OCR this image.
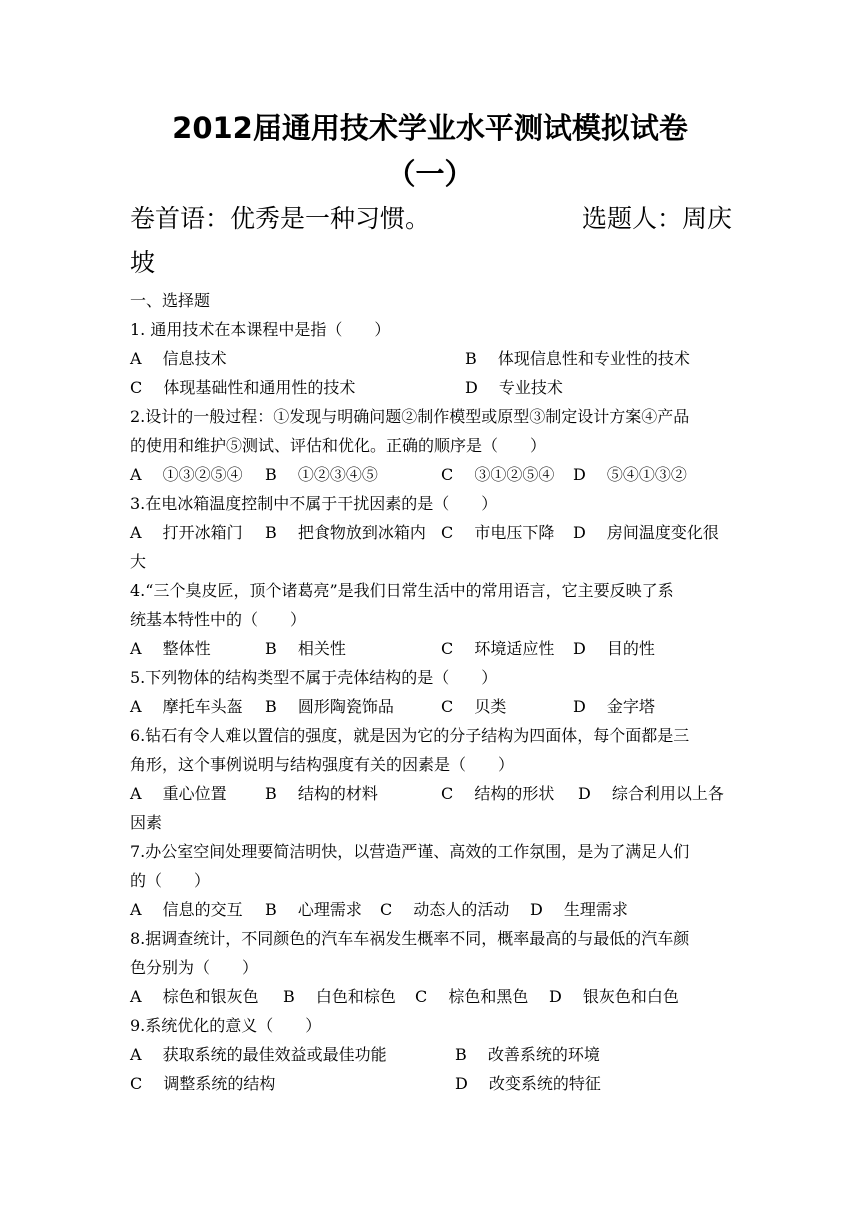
2012届通用技术学业水平测试模拟试卷
（一）
卷首语：优秀是一种习惯。	选题人：周庆
坡
一、选择题
1. 通用技术在本课程中是指（　　）
A　 信息技术	B　 体现信息性和专业性的技术
C　 体现基础性和通用性的技术	D　 专业技术
2.设计的一般过程：①发现与明确问题②制作模型或原型③制定设计方案④产品
的使用和维护⑤测试、评估和优化。正确的顺序是（　　）
A　 ①③②⑤④ B　 ①②③④⑤	C　 ③①②⑤④ D　 ⑤④①③②
3.在电冰箱温度控制中不属于干扰因素的是（　　）
A　 打开冰箱门 B　 把食物放到冰箱内 C　 市电压下降 D　 房间温度变化很
大
4.“三个臭皮匠，顶个诸葛亮”是我们日常生活中的常用语言，它主要反映了系
统基本特性中的（　　）
A　 整体性	B　 相关性	C　 环境适应性 D　 目的性
5.下列物体的结构类型不属于壳体结构的是（　　）
A　 摩托车头盔 B　 圆形陶瓷饰品	C　 贝类	D　 金字塔
6.钻石有令人难以置信的强度，就是因为它的分子结构为四面体，每个面都是三
角形，这个事例说明与结构强度有关的因素是（　　）
A　 重心位置 B　 结构的材料	C　 结构的形状 D　 综合利用以上各
因素
7.办公室空间处理要简洁明快，以营造严谨、高效的工作氛围，是为了满足人们
的（　　）
A　 信息的交互 B　 心理需求 C　 动态人的活动 D　 生理需求
8.据调查统计，不同颜色的汽车车祸发生概率不同，概率最高的与最低的汽车颜
色分别为（　　）
A　 棕色和银灰色 B　 白色和棕色 C　 棕色和黑色 D　 银灰色和白色
9.系统优化的意义（　　）
A　 获取系统的最佳效益或最佳功能	B　 改善系统的环境
C　 调整系统的结构	D　 改变系统的特征
